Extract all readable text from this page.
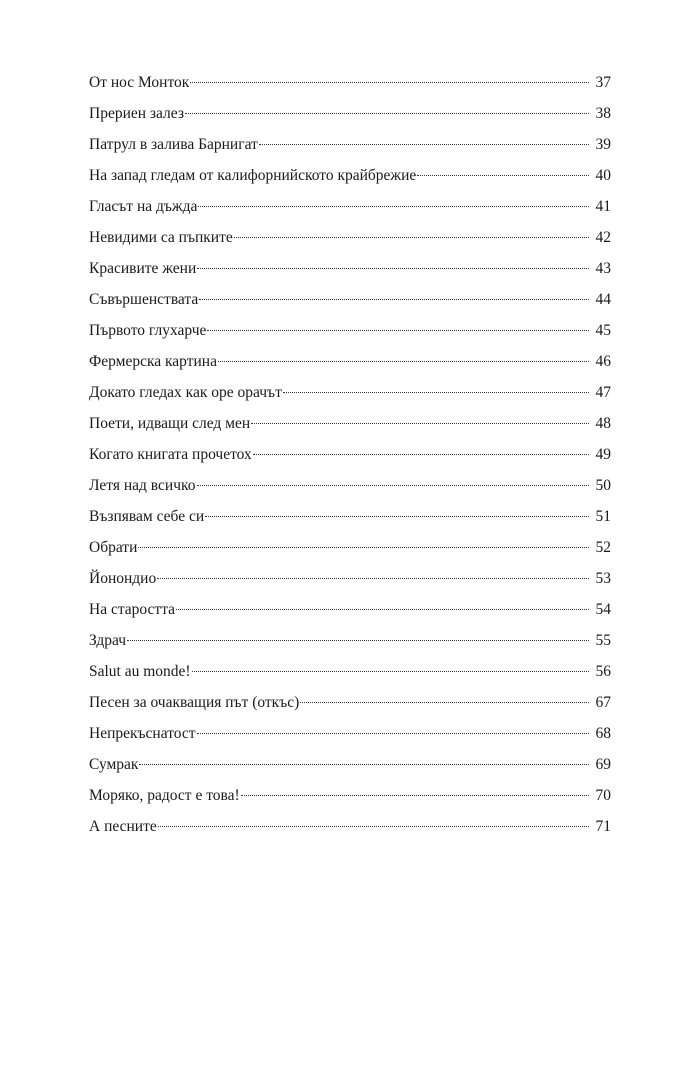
От нос Монток	37
Прериен залез	38
Патрул в залива Барнигат	39
На запад гледам от калифорнийското крайбрежие	40
Гласът на дъжда	41
Невидими са пъпките	42
Красивите жени	43
Съвършенствата	44
Първото глухарче	45
Фермерска картина	46
Докато гледах как оре орачът	47
Поети, идващи след мен	48
Когато книгата прочетох	49
Летя над всичко	50
Възпявам себе си	51
Обрати	52
Йонондио	53
На старостта	54
Здрач	55
Salut au monde!	56
Песен за очакващия път (откъс)	67
Непрекъснатост	68
Сумрак	69
Моряко, радост е това!	70
А песните	71
